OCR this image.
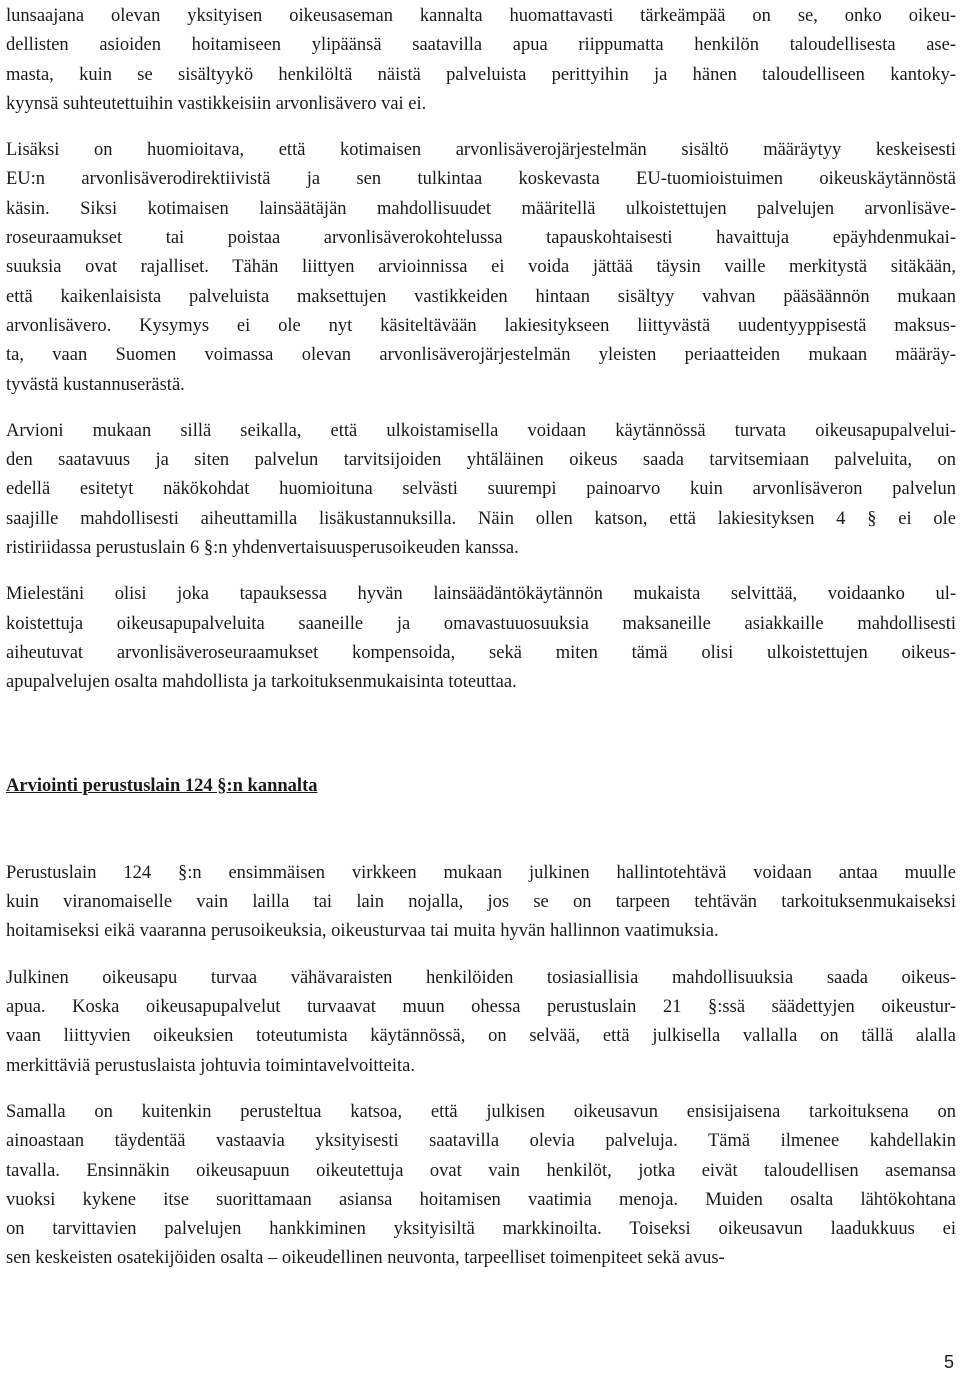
lunsaajana olevan yksityisen oikeusaseman kannalta huomattavasti tärkeämpää on se, onko oikeu-
dellisten asioiden hoitamiseen ylipäänsä saatavilla apua riippumatta henkilön taloudellisesta ase-
masta, kuin se sisältyykö henkilöltä näistä palveluista perittyihin ja hänen taloudelliseen kantoky-
kyynsä suhteutettuihin vastikkeisiin arvonlisävero vai ei.

Lisäksi on huomioitava, että kotimaisen arvonlisäverojärjestelmän sisältö määräytyy keskeisesti
EU:n arvonlisäverodirektiivistä ja sen tulkintaa koskevasta EU-tuomioistuimen oikeuskäytännöstä
käsin. Siksi kotimaisen lainsäätäjän mahdollisuudet määritellä ulkoistettujen palvelujen arvonlisäve-
roseuraamukset tai poistaa arvonlisäverokohtelussa tapauskohtaisesti havaittuja epäyhdenmukai-
suuksia ovat rajalliset. Tähän liittyen arvioinnissa ei voida jättää täysin vaille merkitystä sitäkään,
että kaikenlaisista palveluista maksettujen vastikkeiden hintaan sisältyy vahvan pääsäännön mukaan
arvonlisävero. Kysymys ei ole nyt käsiteltävään lakiesitykseen liittyvästä uudentyyppisestä maksus-
ta, vaan Suomen voimassa olevan arvonlisäverojärjestelmän yleisten periaatteiden mukaan määräy-
tyvästä kustannuserästä.

Arvioni mukaan sillä seikalla, että ulkoistamisella voidaan käytännössä turvata oikeusapupalvelui-
den saatavuus ja siten palvelun tarvitsijoiden yhtäläinen oikeus saada tarvitsemiaan palveluita, on
edellä esitetyt näkökohdat huomioituna selvästi suurempi painoarvo kuin arvonlisäveron palvelun
saajille mahdollisesti aiheuttamilla lisäkustannuksilla. Näin ollen katson, että lakiesityksen 4 § ei ole
ristiriidassa perustuslain 6 §:n yhdenvertaisuusperusoikeuden kanssa.

Mielestäni olisi joka tapauksessa hyvän lainsäädäntökäytännön mukaista selvittää, voidaanko ul-
koistettuja oikeusapupalveluita saaneille ja omavastuuosuuksia maksaneille asiakkaille mahdollisesti
aiheutuvat arvonlisäveroseuraamukset kompensoida, sekä miten tämä olisi ulkoistettujen oikeus-
apupalvelujen osalta mahdollista ja tarkoituksenmukaisinta toteuttaa.

Arviointi perustuslain 124 §:n kannalta

Perustuslain 124 §:n ensimmäisen virkkeen mukaan julkinen hallintotehtävä voidaan antaa muulle
kuin viranomaiselle vain lailla tai lain nojalla, jos se on tarpeen tehtävän tarkoituksenmukaiseksi
hoitamiseksi eikä vaaranna perusoikeuksia, oikeusturvaa tai muita hyvän hallinnon vaatimuksia.

Julkinen oikeusapu turvaa vähävaraisten henkilöiden tosiasiallisia mahdollisuuksia saada oikeus-
apua. Koska oikeusapupalvelut turvaavat muun ohessa perustuslain 21 §:ssä säädettyjen oikeustur-
vaan liittyvien oikeuksien toteutumista käytännössä, on selvää, että julkisella vallalla on tällä alalla
merkittäviä perustuslaista johtuvia toimintavelvoitteita.

Samalla on kuitenkin perusteltua katsoa, että julkisen oikeusavun ensisijaisena tarkoituksena on
ainoastaan täydentää vastaavia yksityisesti saatavilla olevia palveluja. Tämä ilmenee kahdellakin
tavalla. Ensinnäkin oikeusapuun oikeutettuja ovat vain henkilöt, jotka eivät taloudellisen asemansa
vuoksi kykene itse suorittamaan asiansa hoitamisen vaatimia menoja. Muiden osalta lähtökohtana
on tarvittavien palvelujen hankkiminen yksityisiltä markkinoilta. Toiseksi oikeusavun laadukkuus ei
sen keskeisten osatekijöiden osalta – oikeudellinen neuvonta, tarpeelliset toimenpiteet sekä avus-

5
